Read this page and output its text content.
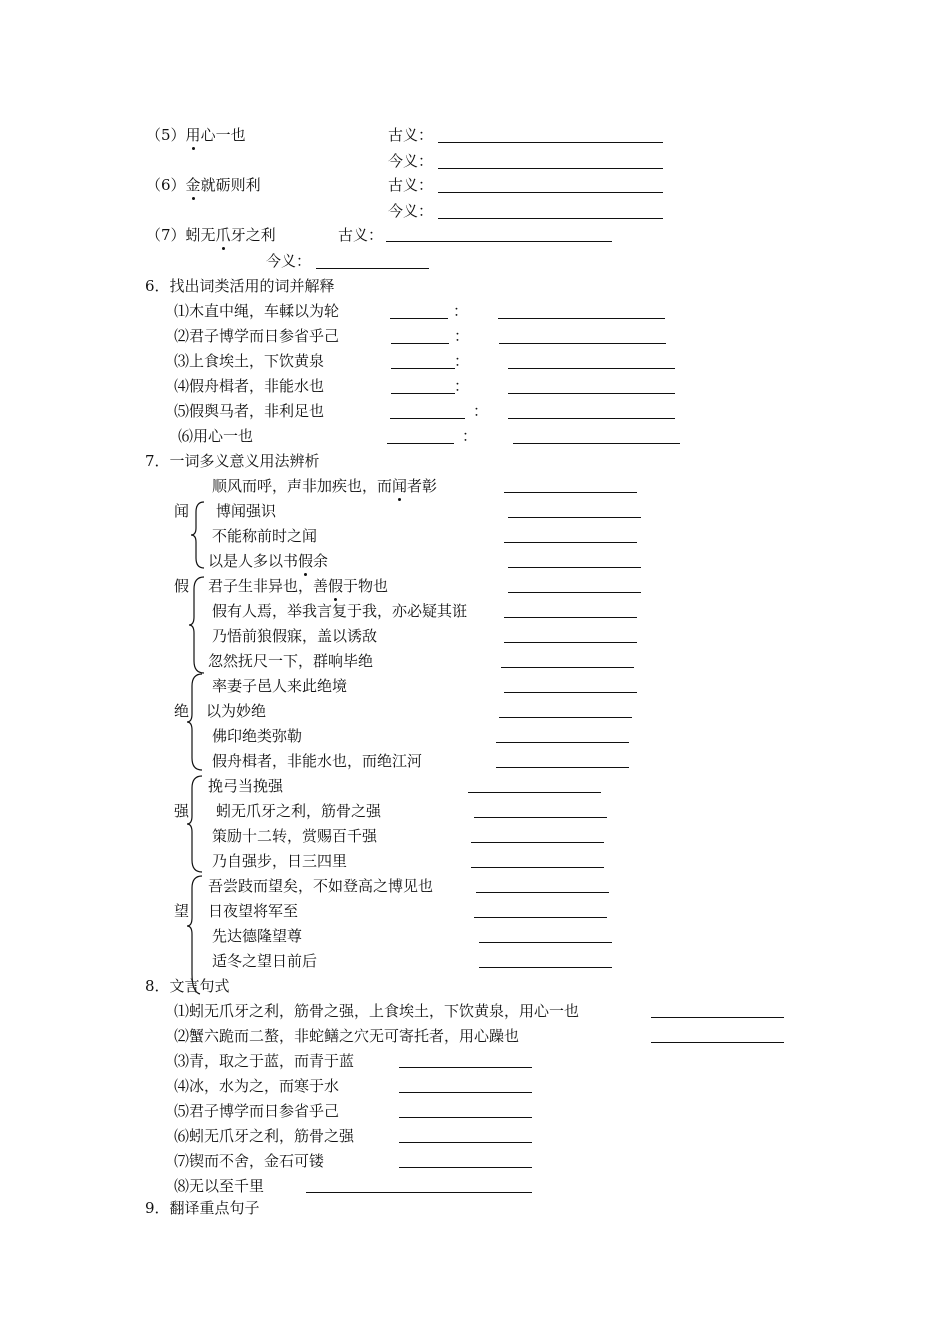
（5）用心一也	古义：
今义：
（6）金就砺则利	古义：
今义：
（7）蚓无爪牙之利	古义：
今义：
6．找出词类活用的词并解释
⑴木直中绳，车輮以为轮	：
⑵君子博学而日参省乎己	：
⑶上食埃土，下饮黄泉	：
⑷假舟楫者，非能水也	：
⑸假舆马者，非利足也	：
⑹用心一也	：
7．一词多义意义用法辨析
闻
顺风而呼，声非加疾也，而闻者彰
博闻强识
不能称前时之闻
以是人多以书假余
假 君子生非异也，善假于物也
假有人焉，举我言复于我，亦必疑其诳
乃悟前狼假寐，盖以诱敌
忽然抚尺一下，群响毕绝
绝
率妻子邑人来此绝境
以为妙绝
佛印绝类弥勒
假舟楫者，非能水也，而绝江河
强
挽弓当挽强
蚓无爪牙之利，筋骨之强
策励十二转，赏赐百千强
乃自强步，日三四里
望
吾尝跂而望矣，不如登高之博见也
日夜望将军至
先达德隆望尊
适冬之望日前后
8．文言句式
⑴蚓无爪牙之利，筋骨之强，上食埃土，下饮黄泉，用心一也
⑵蟹六跪而二螯，非蛇鳝之穴无可寄托者，用心躁也
⑶青，取之于蓝，而青于蓝
⑷冰，水为之，而寒于水
⑸君子博学而日参省乎己
⑹蚓无爪牙之利，筋骨之强
⑺锲而不舍，金石可镂
⑻无以至千里
9．翻译重点句子
